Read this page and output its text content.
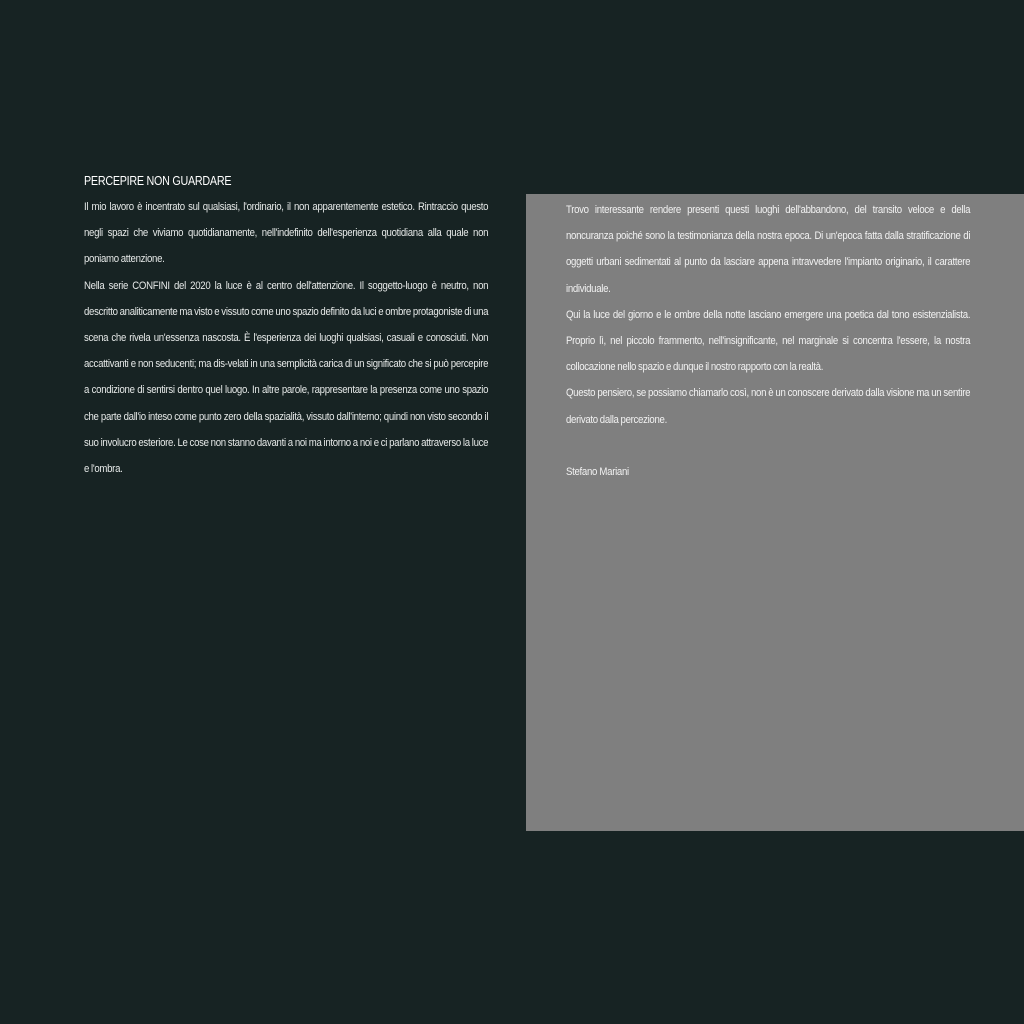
PERCEPIRE NON GUARDARE

Il mio lavoro è incentrato sul qualsiasi, l'ordinario, il non apparentemente estetico. Rintraccio questo negli spazi che viviamo quotidianamente, nell'indefinito dell'esperienza quotidiana alla quale non poniamo attenzione.

Nella serie CONFINI del 2020 la luce è al centro dell'attenzione. Il soggetto-luogo è neutro, non descritto analiticamente ma visto e vissuto come uno spazio definito da luci e ombre protagoniste di una scena che rivela un'essenza nascosta. È l'esperienza dei luoghi qualsiasi, casuali e conosciuti. Non accattivanti e non seducenti; ma dis-velati in una semplicità carica di un significato che si può percepire a condizione di sentirsi dentro quel luogo. In altre parole, rappresentare la presenza come uno spazio che parte dall'io inteso come punto zero della spazialità, vissuto dall'interno; quindi non visto secondo il suo involucro esteriore. Le cose non stanno davanti a noi ma intorno a noi e ci parlano attraverso la luce e l'ombra.

Trovo interessante rendere presenti questi luoghi dell'abbandono, del transito veloce e della noncuranza poiché sono la testimonianza della nostra epoca. Di un'epoca fatta dalla stratificazione di oggetti urbani sedimentati al punto da lasciare appena intravvedere l'impianto originario, il carattere individuale.

Qui la luce del giorno e le ombre della notte lasciano emergere una poetica dal tono esistenzialista. Proprio lì, nel piccolo frammento, nell'insignificante, nel marginale si concentra l'essere, la nostra collocazione nello spazio e dunque il nostro rapporto con la realtà.

Questo pensiero, se possiamo chiamarlo così, non è un conoscere derivato dalla visione ma un sentire derivato dalla percezione.

Stefano Mariani
